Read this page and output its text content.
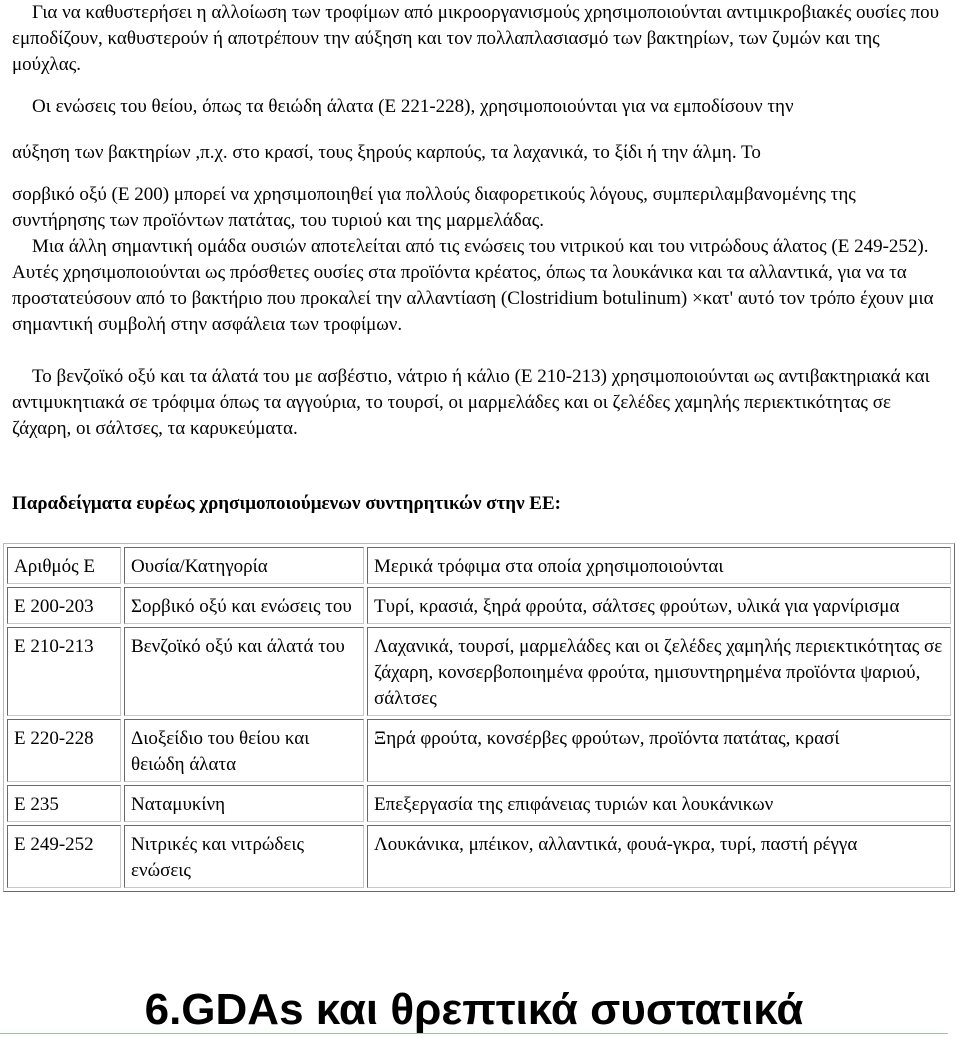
Για να καθυστερήσει η αλλοίωση των τροφίμων από μικροοργανισμούς χρησιμοποιούνται αντιμικροβιακές ουσίες που εμποδίζουν, καθυστερούν ή αποτρέπουν την αύξηση και τον πολλαπλασιασμό των βακτηρίων, των ζυμών και της μούχλας.

Οι ενώσεις του θείου, όπως τα θειώδη άλατα (Ε 221-228), χρησιμοποιούνται για να εμποδίσουν την

αύξηση των βακτηρίων ,π.χ. στο κρασί, τους ξηρούς καρπούς, τα λαχανικά, το ξίδι ή την άλμη. Το

σορβικό οξύ (Ε 200) μπορεί να χρησιμοποιηθεί για πολλούς διαφορετικούς λόγους, συμπεριλαμβανομένης της συντήρησης των προϊόντων πατάτας, του τυριού και της μαρμελάδας.

Μια άλλη σημαντική ομάδα ουσιών αποτελείται από τις ενώσεις του νιτρικού και του νιτρώδους άλατος (Ε 249-252). Αυτές χρησιμοποιούνται ως πρόσθετες ουσίες στα προϊόντα κρέατος, όπως τα λουκάνικα και τα αλλαντικά, για να τα προστατεύσουν από το βακτήριο που προκαλεί την αλλαντίαση (Clostridium botulinum) ×κατ' αυτό τον τρόπο έχουν μια σημαντική συμβολή στην ασφάλεια των τροφίμων.

Το βενζοϊκό οξύ και τα άλατά του με ασβέστιο, νάτριο ή κάλιο (Ε 210-213) χρησιμοποιούνται ως αντιβακτηριακά και αντιμυκητιακά σε τρόφιμα όπως τα αγγούρια, το τουρσί, οι μαρμελάδες και οι ζελέδες χαμηλής περιεκτικότητας σε ζάχαρη, οι σάλτσες, τα καρυκεύματα.

Παραδείγματα ευρέως χρησιμοποιούμενων συντηρητικών στην ΕΕ:
Αριθμός Ε	Ουσία/Κατηγορία	Μερικά τρόφιμα στα οποία χρησιμοποιούνται
Ε 200-203	Σορβικό οξύ και ενώσεις του	Τυρί, κρασιά, ξηρά φρούτα, σάλτσες φρούτων, υλικά για γαρνίρισμα
Ε 210-213	Βενζοϊκό οξύ και άλατά του	Λαχανικά, τουρσί, μαρμελάδες και οι ζελέδες χαμηλής περιεκτικότητας σε ζάχαρη, κονσερβοποιημένα φρούτα, ημισυντηρημένα προϊόντα ψαριού, σάλτσες
Ε 220-228	Διοξείδιο του θείου και θειώδη άλατα	Ξηρά φρούτα, κονσέρβες φρούτων, προϊόντα πατάτας, κρασί
Ε 235	Ναταμυκίνη	Επεξεργασία της επιφάνειας τυριών και λουκάνικων
Ε 249-252	Νιτρικές και νιτρώδεις ενώσεις	Λουκάνικα, μπέικον, αλλαντικά, φουά-γκρα, τυρί, παστή ρέγγα
6.GDAs και θρεπτικά συστατικά
